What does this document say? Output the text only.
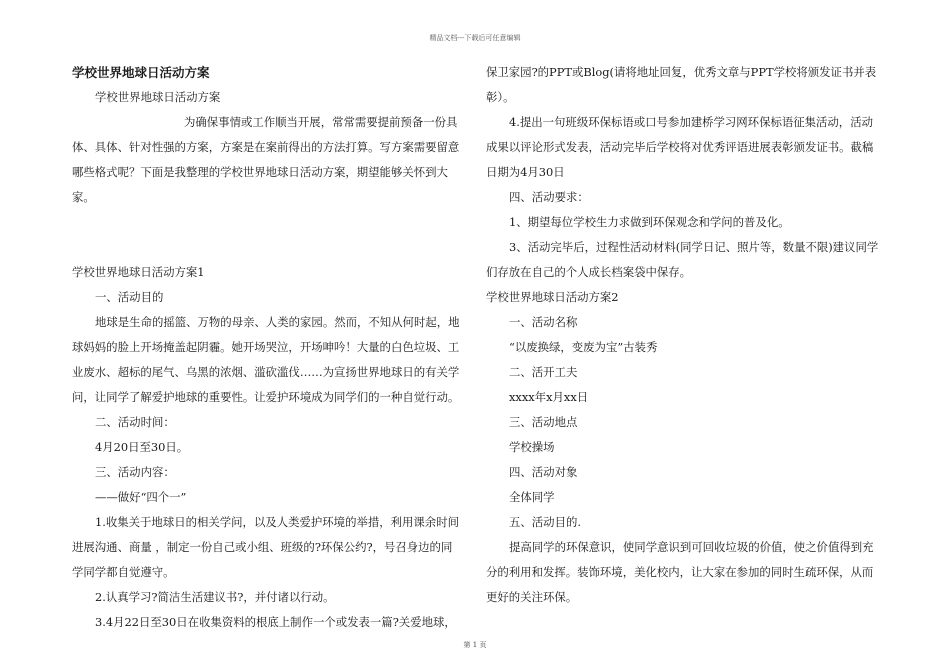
精品文档---下载后可任意编辑

学校世界地球日活动方案

学校世界地球日活动方案

为确保事情或工作顺当开展，常常需要提前预备一份具体、具体、针对性强的方案，方案是在案前得出的方法打算。写方案需要留意哪些格式呢？下面是我整理的学校世界地球日活动方案，期望能够关怀到大家。

学校世界地球日活动方案1

一、活动目的

地球是生命的摇篮、万物的母亲、人类的家园。然而，不知从何时起，地球妈妈的脸上开场掩盖起阴霾。她开场哭泣，开场呻吟！大量的白色垃圾、工业废水、超标的尾气、乌黑的浓烟、滥砍滥伐……为宣扬世界地球日的有关学问，让同学了解爱护地球的重要性。让爱护环境成为同学们的一种自觉行动。

二、活动时间：

4月20日至30日。

三、活动内容：

——做好“四个一”

1.收集关于地球日的相关学问，以及人类爱护环境的举措，利用课余时间进展沟通、商量 ，制定一份自己或小组、班级的?环保公约?，号召身边的同学同学都自觉遵守。

2.认真学习?简洁生活建议书?，并付诸以行动。

3.4月22日至30日在收集资料的根底上制作一个或发表一篇?关爱地球，

保卫家园?的PPT或Blog(请将地址回复，优秀文章与PPT学校将颁发证书并表彰）。

4.提出一句班级环保标语或口号参加建桥学习网环保标语征集活动，活动成果以评论形式发表，活动完毕后学校将对优秀评语进展表彰颁发证书。截稿日期为4月30日

四、活动要求：

1、期望每位学校生力求做到环保观念和学问的普及化。

3、活动完毕后，过程性活动材料(同学日记、照片等，数量不限)建议同学们存放在自己的个人成长档案袋中保存。

学校世界地球日活动方案2

一、活动名称

“以废换绿，变废为宝”古装秀

二、活开工夫

xxxx年x月xx日

三、活动地点

学校操场

四、活动对象

全体同学

五、活动目的.

提高同学的环保意识，使同学意识到可回收垃圾的价值，使之价值得到充分的利用和发挥。装饰环境，美化校内，让大家在参加的同时生疏环保，从而更好的关注环保。

第 1 页
